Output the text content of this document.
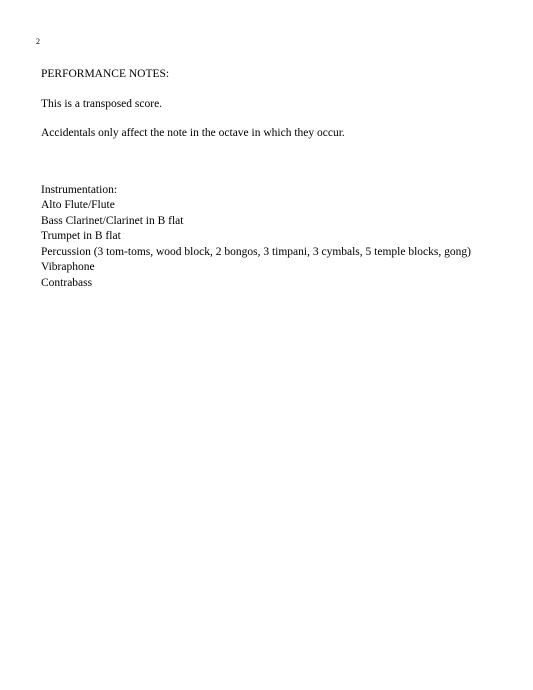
2

PERFORMANCE NOTES:

This is a transposed score.

Accidentals only affect the note in the octave in which they occur.

Instrumentation:

Alto Flute/Flute
Bass Clarinet/Clarinet in B flat
Trumpet in B flat
Percussion (3 tom-toms, wood block, 2 bongos, 3 timpani, 3 cymbals, 5 temple blocks, gong)
Vibraphone
Contrabass
